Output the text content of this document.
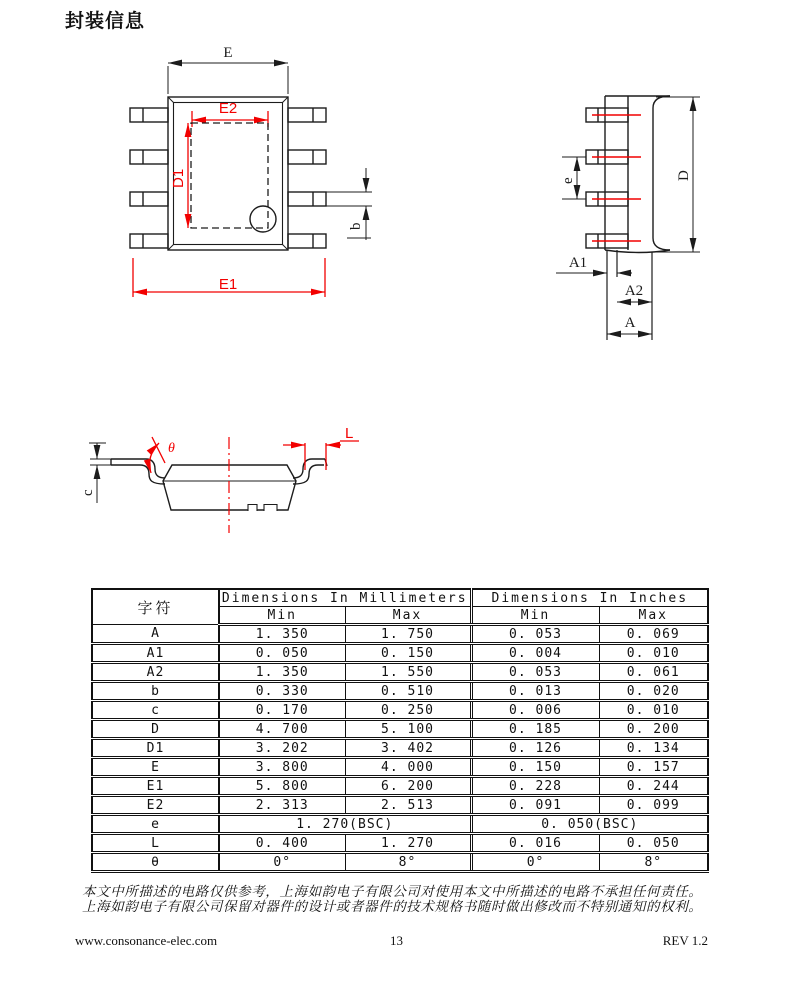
封装信息
E
b
E2
D1
E1
e	D
A1
A2
A
c
θ
L
字符	Dimensions In Millimeters		Dimensions In Inches	
	Min	Max	Min	Max
A	1. 350	1. 750	0. 053	0. 069
A1	0. 050	0. 150	0. 004	0. 010
A2	1. 350	1. 550	0. 053	0. 061
b	0. 330	0. 510	0. 013	0. 020
c	0. 170	0. 250	0. 006	0. 010
D	4. 700	5. 100	0. 185	0. 200
D1	3. 202	3. 402	0. 126	0. 134
E	3. 800	4. 000	0. 150	0. 157
E1	5. 800	6. 200	0. 228	0. 244
E2	2. 313	2. 513	0. 091	0. 099
e	1. 270(BSC)		0. 050(BSC)	
L	0. 400	1. 270	0. 016	0. 050
θ	0°	8°	0°	8°
本文中所描述的电路仅供参考，上海如韵电子有限公司对使用本文中所描述的电路不承担任何责任。
上海如韵电子有限公司保留对器件的设计或者器件的技术规格书随时做出修改而不特别通知的权利。
13
www.consonance-elec.com	REV 1.2
